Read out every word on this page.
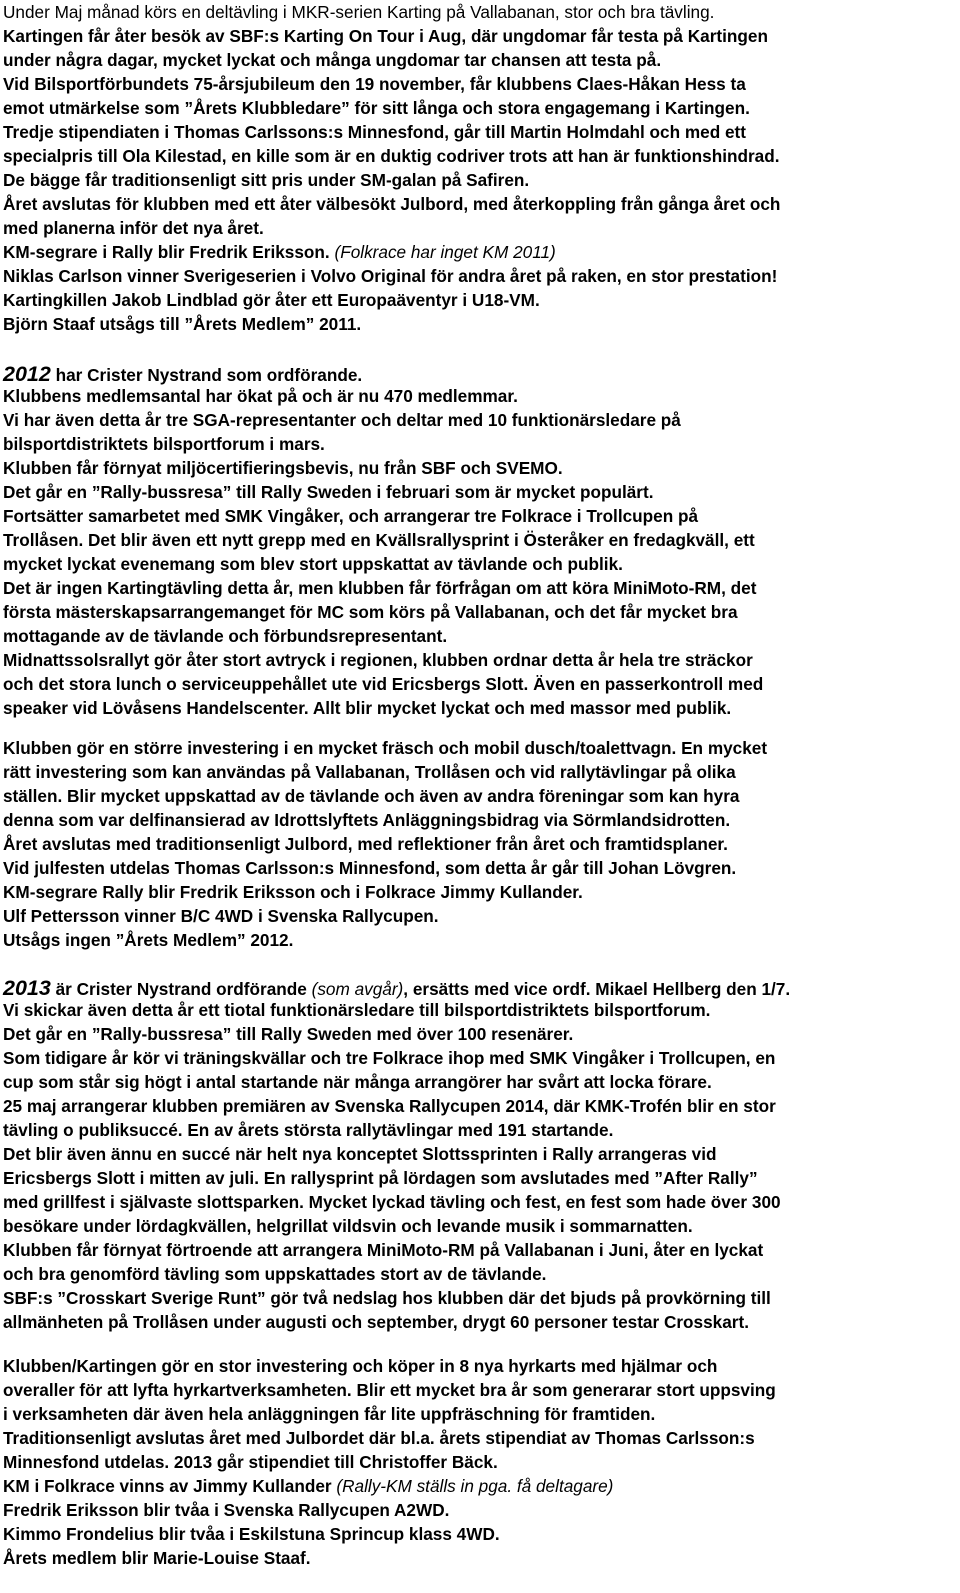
Under Maj månad körs en deltävling i MKR-serien Karting på Vallabanan, stor och bra tävling.
Kartingen får åter besök av SBF:s Karting On Tour i Aug, där ungdomar får testa på Kartingen
under några dagar, mycket lyckat och många ungdomar tar chansen att testa på.
Vid Bilsportförbundets 75-årsjubileum den 19 november, får klubbens Claes-Håkan Hess ta
emot utmärkelse som ”Årets Klubbledare” för sitt långa och stora engagemang i Kartingen.
Tredje stipendiaten i Thomas Carlssons:s Minnesfond, går till Martin Holmdahl och med ett
specialpris till Ola Kilestad, en kille som är en duktig codriver trots att han är funktionshindrad.
De bägge får traditionsenligt sitt pris under SM-galan på Safiren.
Året avslutas för klubben med ett åter välbesökt Julbord, med återkoppling från gånga året och
med planerna inför det nya året.
KM-segrare i Rally blir Fredrik Eriksson. (Folkrace har inget KM 2011)
Niklas Carlson vinner Sverigeserien i Volvo Original för andra året på raken, en stor prestation!
Kartingkillen Jakob Lindblad gör åter ett Europaäventyr i U18-VM.
Björn Staaf utsågs till ”Årets Medlem” 2011.
2012 har Crister Nystrand som ordförande.
Klubbens medlemsantal har ökat på och är nu 470 medlemmar.
Vi har även detta år tre SGA-representanter och deltar med 10 funktionärsledare på
bilsportdistriktets bilsportforum i mars.
Klubben får förnyat miljöcertifieringsbevis, nu från SBF och SVEMO.
Det går en ”Rally-bussresa” till Rally Sweden i februari som är mycket populärt.
Fortsätter samarbetet med SMK Vingåker, och arrangerar tre Folkrace i Trollcupen på
Trollåsen. Det blir även ett nytt grepp med en Kvällsrallysprint i Österåker en fredagkväll, ett
mycket lyckat evenemang som blev stort uppskattat av tävlande och publik.
Det är ingen Kartingtävling detta år, men klubben får förfrågan om att köra MiniMoto-RM, det
första mästerskapsarrangemanget för MC som körs på Vallabanan, och det får mycket bra
mottagande av de tävlande och förbundsrepresentant.
Midnattssolsrallyt gör åter stort avtryck i regionen, klubben ordnar detta år hela tre sträckor
och det stora lunch o serviceuppehållet ute vid Ericsbergs Slott. Även en passerkontroll med
speaker vid Lövåsens Handelscenter. Allt blir mycket lyckat och med massor med publik.
Klubben gör en större investering i en mycket fräsch och mobil dusch/toalettvagn. En mycket
rätt investering som kan användas på Vallabanan, Trollåsen och vid rallytävlingar på olika
ställen. Blir mycket uppskattad av de tävlande och även av andra föreningar som kan hyra
denna som var delfinansierad av Idrottslyftets Anläggningsbidrag via Sörmlandsidrotten.
Året avslutas med traditionsenligt Julbord, med reflektioner från året och framtidsplaner.
Vid julfesten utdelas Thomas Carlsson:s Minnesfond, som detta år går till Johan Lövgren.
KM-segrare Rally blir Fredrik Eriksson och i Folkrace Jimmy Kullander.
Ulf Pettersson vinner B/C 4WD i Svenska Rallycupen.
Utsågs ingen ”Årets Medlem” 2012.
2013 är Crister Nystrand ordförande (som avgår), ersätts med vice ordf. Mikael Hellberg den 1/7.
Vi skickar även detta år ett tiotal funktionärsledare till bilsportdistriktets bilsportforum.
Det går en ”Rally-bussresa” till Rally Sweden med över 100 resenärer.
Som tidigare år kör vi träningskvällar och tre Folkrace ihop med SMK Vingåker i Trollcupen, en
cup som står sig högt i antal startande när många arrangörer har svårt att locka förare.
25 maj arrangerar klubben premiären av Svenska Rallycupen 2014, där KMK-Trofén blir en stor
tävling o publiksuccé. En av årets största rallytävlingar med 191 startande.
Det blir även ännu en succé när helt nya konceptet Slottssprinten i Rally arrangeras vid
Ericsbergs Slott i mitten av juli. En rallysprint på lördagen som avslutades med ”After Rally”
med grillfest i självaste slottsparken. Mycket lyckad tävling och fest, en fest som hade över 300
besökare under lördagkvällen, helgrillat vildsvin och levande musik i sommarnatten.
Klubben får förnyat förtroende att arrangera MiniMoto-RM på Vallabanan i Juni, åter en lyckat
och bra genomförd tävling som uppskattades stort av de tävlande.
SBF:s ”Crosskart Sverige Runt” gör två nedslag hos klubben där det bjuds på provkörning till
allmänheten på Trollåsen under augusti och september, drygt 60 personer testar Crosskart.
Klubben/Kartingen gör en stor investering och köper in 8 nya hyrkarts med hjälmar och
overaller för att lyfta hyrkartverksamheten. Blir ett mycket bra år som generarar stort uppsving
i verksamheten där även hela anläggningen får lite uppfräschning för framtiden.
Traditionsenligt avslutas året med Julbordet där bl.a. årets stipendiat av Thomas Carlsson:s
Minnesfond utdelas. 2013 går stipendiet till Christoffer Bäck.
KM i Folkrace vinns av Jimmy Kullander (Rally-KM ställs in pga. få deltagare)
Fredrik Eriksson blir tvåa i Svenska Rallycupen A2WD.
Kimmo Frondelius blir tvåa i Eskilstuna Sprincup klass 4WD.
Årets medlem blir Marie-Louise Staaf.
